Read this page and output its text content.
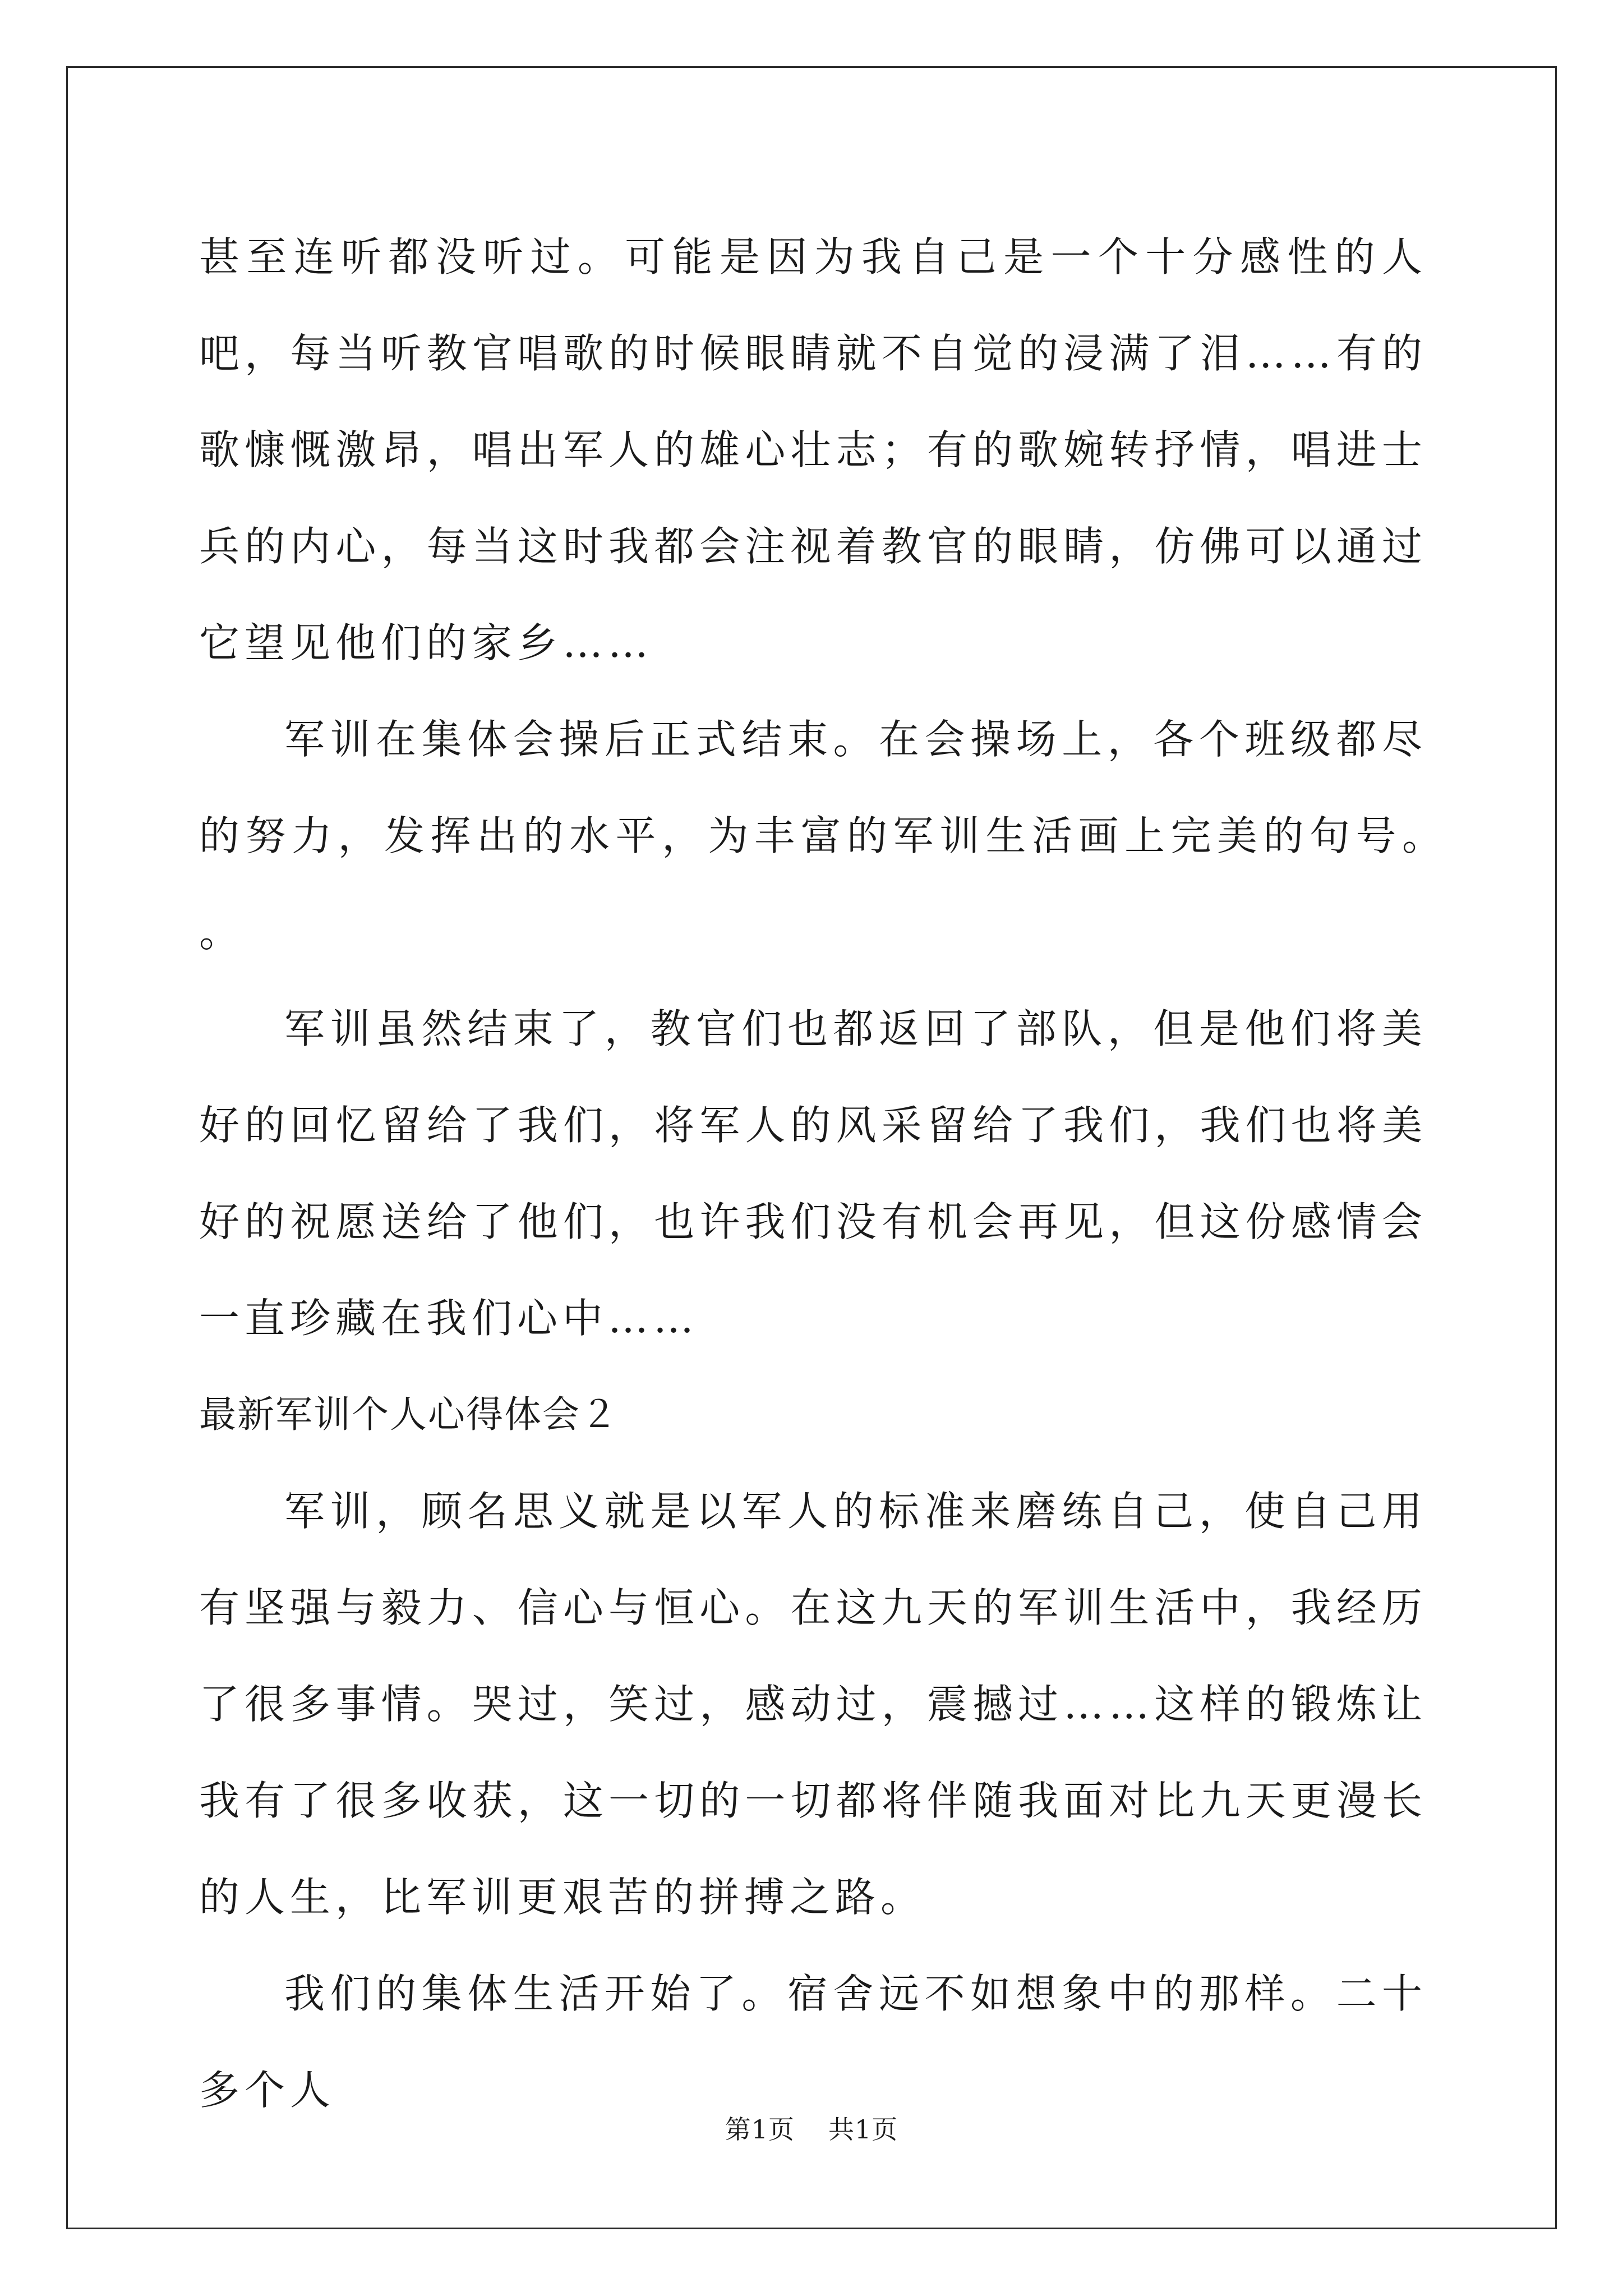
甚至连听都没听过。可能是因为我自己是一个十分感性的人吧，每当听教官唱歌的时候眼睛就不自觉的浸满了泪……有的歌慷慨激昂，唱出军人的雄心壮志；有的歌婉转抒情，唱进士兵的内心，每当这时我都会注视着教官的眼睛，仿佛可以通过它望见他们的家乡……

军训在集体会操后正式结束。在会操场上，各个班级都尽的努力，发挥出的水平，为丰富的军训生活画上完美的句号。　。

军训虽然结束了，教官们也都返回了部队，但是他们将美好的回忆留给了我们，将军人的风采留给了我们，我们也将美好的祝愿送给了他们，也许我们没有机会再见，但这份感情会一直珍藏在我们心中……

最新军训个人心得体会２

军训，顾名思义就是以军人的标准来磨练自己，使自己用有坚强与毅力、信心与恒心。在这九天的军训生活中，我经历了很多事情。哭过，笑过，感动过，震撼过……这样的锻炼让我有了很多收获，这一切的一切都将伴随我面对比九天更漫长的人生，比军训更艰苦的拼搏之路。

我们的集体生活开始了。宿舍远不如想象中的那样。二十多个人

第1页 共1页
